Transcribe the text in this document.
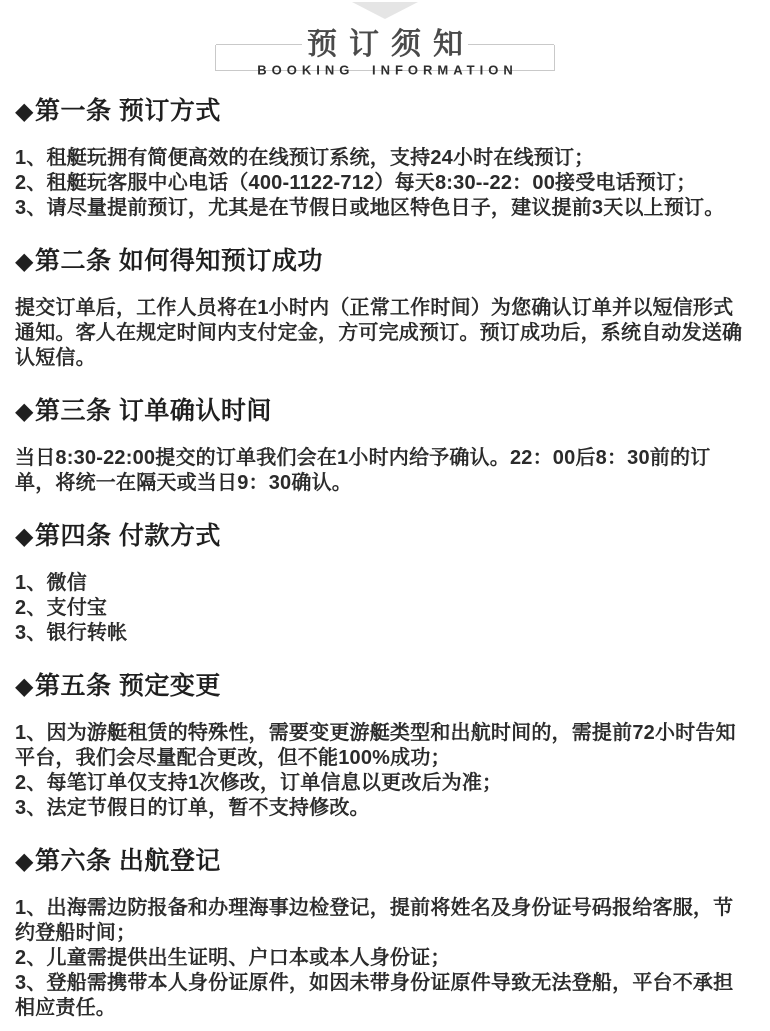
预订须知
BOOKING INFORMATION
◆ 第一条 预订方式
1、租艇玩拥有简便高效的在线预订系统，支持24小时在线预订；
2、租艇玩客服中心电话（400-1122-712）每天8:30--22：00接受电话预订；
3、请尽量提前预订，尤其是在节假日或地区特色日子，建议提前3天以上预订。
◆ 第二条 如何得知预订成功

提交订单后，工作人员将在1小时内（正常工作时间）为您确认订单并以短信形式通知。客人在规定时间内支付定金，方可完成预订。预订成功后，系统自动发送确认短信。

◆ 第三条 订单确认时间

当日8:30-22:00提交的订单我们会在1小时内给予确认。22：00后8：30前的订单，将统一在隔天或当日9：30确认。

◆ 第四条 付款方式
1、微信
2、支付宝
3、银行转帐
◆ 第五条 预定变更
1、因为游艇租赁的特殊性，需要变更游艇类型和出航时间的，需提前72小时告知平台，我们会尽量配合更改，但不能100%成功；
2、每笔订单仅支持1次修改，订单信息以更改后为准；
3、法定节假日的订单，暂不支持修改。
◆ 第六条 出航登记
1、出海需边防报备和办理海事边检登记，提前将姓名及身份证号码报给客服，节约登船时间；
2、儿童需提供出生证明、户口本或本人身份证；
3、登船需携带本人身份证原件，如因未带身份证原件导致无法登船，平台不承担相应责任。
